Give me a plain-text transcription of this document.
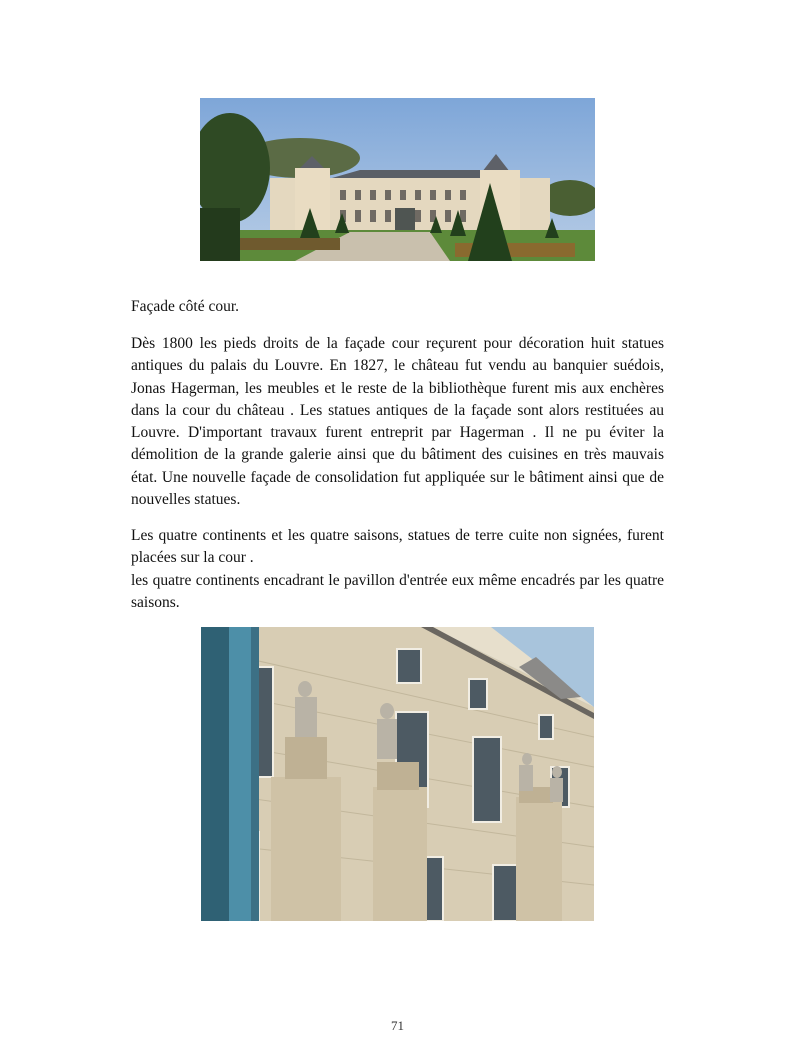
Façade côté cour.
Dès 1800 les pieds droits de la façade cour reçurent pour décoration huit statues antiques du palais du Louvre. En 1827, le château fut vendu au banquier suédois, Jonas Hagerman, les meubles et le reste de la bibliothèque furent mis aux enchères dans la cour du château . Les statues antiques de la façade sont alors restituées au Louvre. D'important travaux furent entreprit par Hagerman . Il ne pu éviter la démolition de la grande galerie ainsi que du bâtiment des cuisines en très mauvais état. Une nouvelle façade de consolidation fut appliquée sur le bâtiment ainsi que de nouvelles statues.

Les quatre continents et les quatre saisons, statues de terre cuite non signées, furent placées sur la cour .

les quatre continents encadrant le pavillon d'entrée eux même encadrés par les quatre saisons.

71
